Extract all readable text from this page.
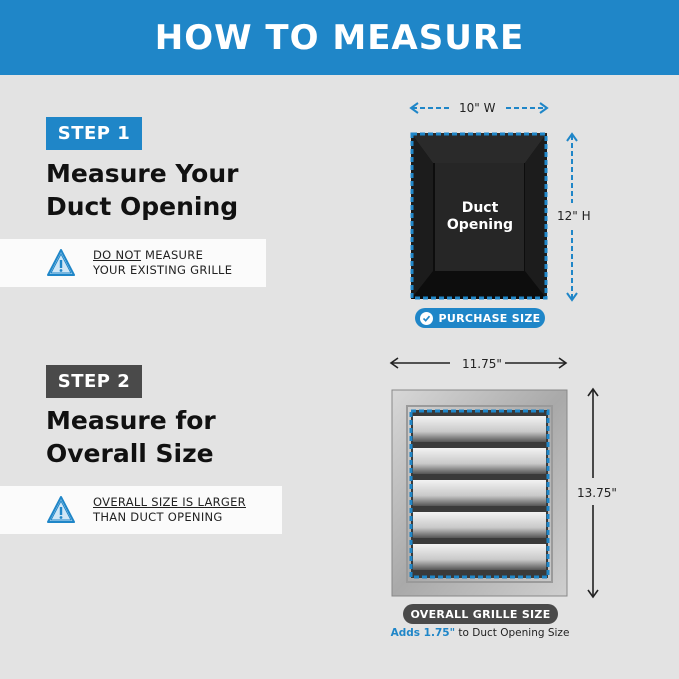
HOW TO MEASURE
STEP 1
Measure Your
Duct Opening
DO NOT MEASURE
YOUR EXISTING GRILLE
STEP 2
Measure for
Overall Size
OVERALL SIZE IS LARGER
THAN DUCT OPENING
10" W
12" H
Duct
Opening
PURCHASE SIZE
11.75"
13.75"
OVERALL GRILLE SIZE
Adds 1.75" to Duct Opening Size
